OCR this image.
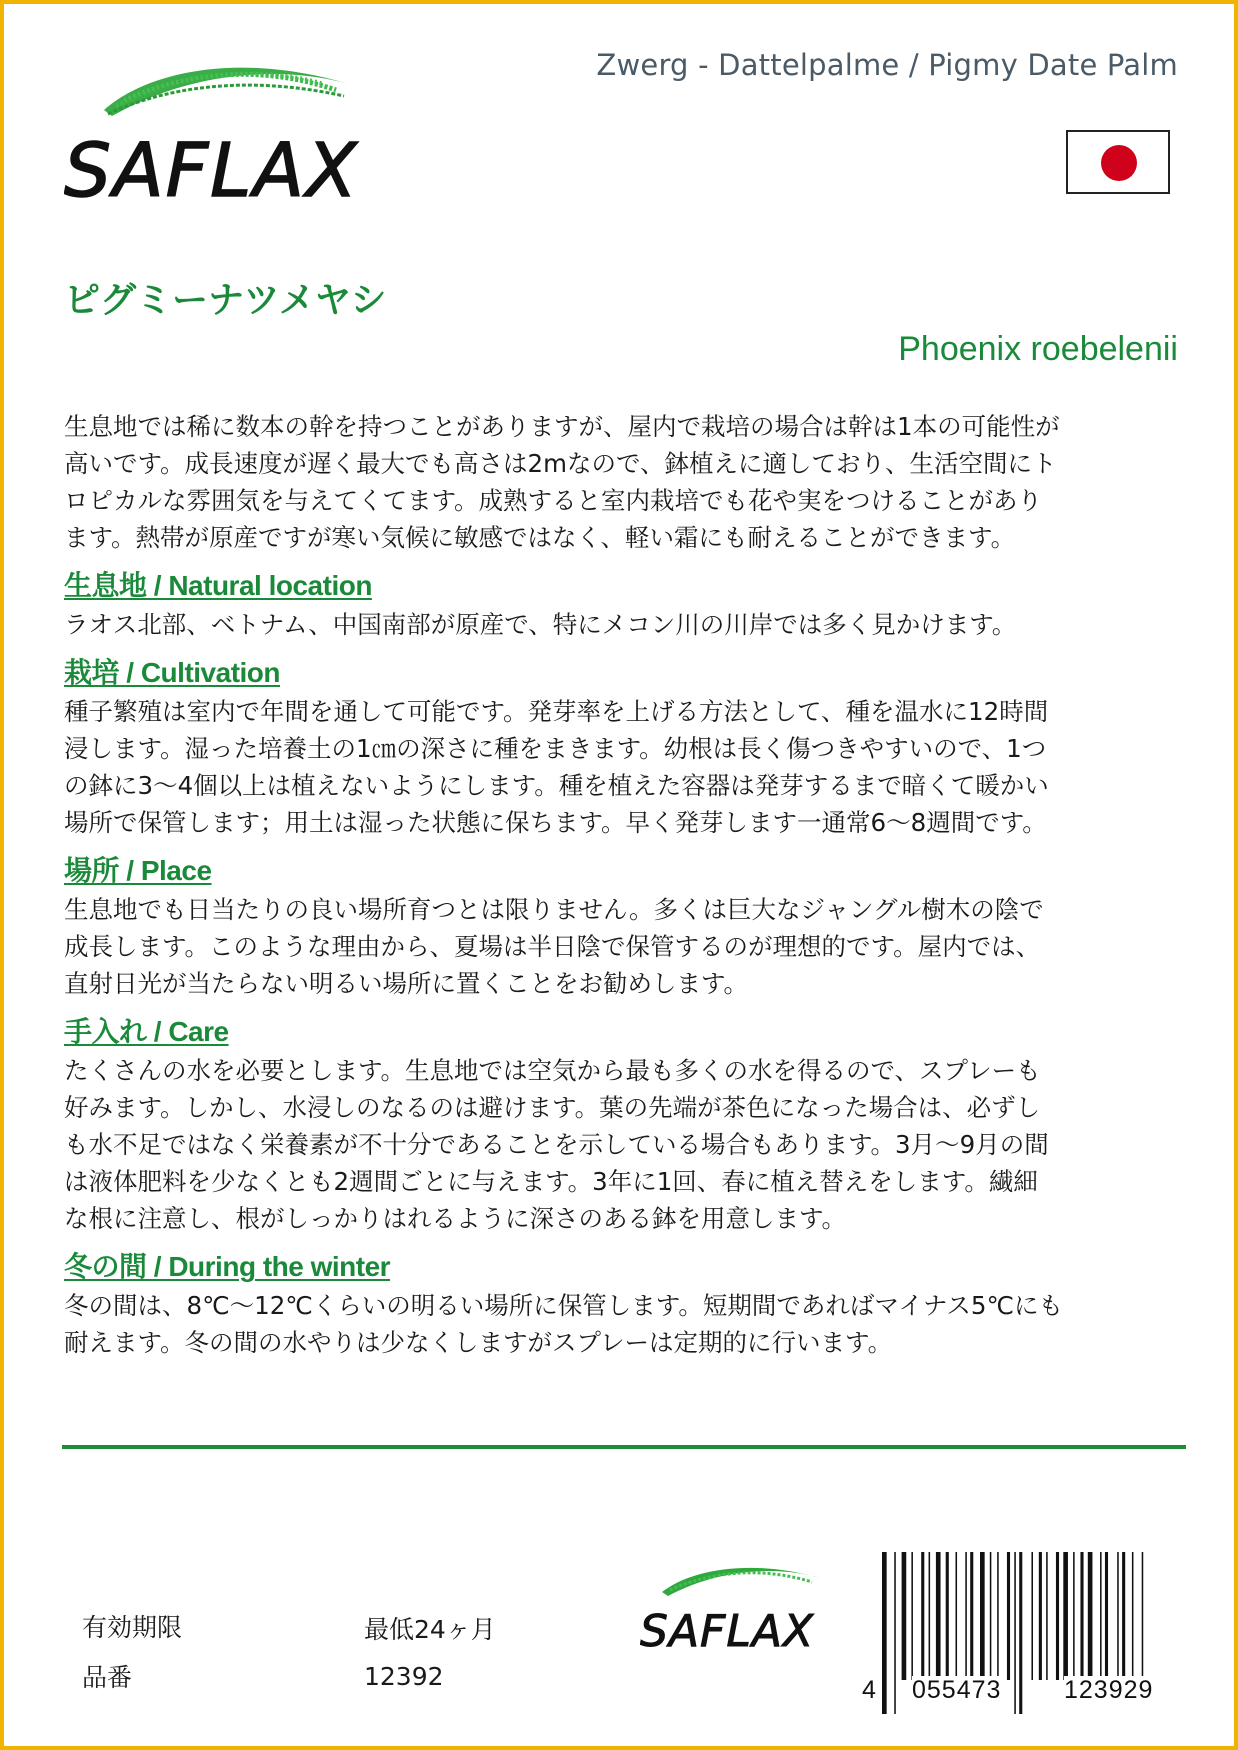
SAFLAX
Zwerg - Dattelpalme / Pigmy Date Palm
ピグミーナツメヤシ
Phoenix roebelenii

生息地では稀に数本の幹を持つことがありますが、屋内で栽培の場合は幹は1本の可能性が

高いです。成長速度が遅く最大でも高さは2mなので、鉢植えに適しており、生活空間にト

ロピカルな雰囲気を与えてくてます。成熟すると室内栽培でも花や実をつけることがあり

ます。熱帯が原産ですが寒い気候に敏感ではなく、軽い霜にも耐えることができます。

生息地 / Natural location

ラオス北部、ベトナム、中国南部が原産で、特にメコン川の川岸では多く見かけます。

栽培 / Cultivation

種子繁殖は室内で年間を通して可能です。発芽率を上げる方法として、種を温水に12時間

浸します。湿った培養土の1㎝の深さに種をまきます。幼根は長く傷つきやすいので、1つ

の鉢に3～4個以上は植えないようにします。種を植えた容器は発芽するまで暗くて暖かい

場所で保管します；用土は湿った状態に保ちます。早く発芽します一通常6～8週間です。

場所 / Place

生息地でも日当たりの良い場所育つとは限りません。多くは巨大なジャングル樹木の陰で

成長します。このような理由から、夏場は半日陰で保管するのが理想的です。屋内では、

直射日光が当たらない明るい場所に置くことをお勧めします。

手入れ / Care

たくさんの水を必要とします。生息地では空気から最も多くの水を得るので、スプレーも

好みます。しかし、水浸しのなるのは避けます。葉の先端が茶色になった場合は、必ずし

も水不足ではなく栄養素が不十分であることを示している場合もあります。3月～9月の間

は液体肥料を少なくとも2週間ごとに与えます。3年に1回、春に植え替えをします。繊細

な根に注意し、根がしっかりはれるように深さのある鉢を用意します。

冬の間 / During the winter

冬の間は、8℃～12℃くらいの明るい場所に保管します。短期間であればマイナス5℃にも

耐えます。冬の間の水やりは少なくしますがスプレーは定期的に行います。

有効期限	最低24ヶ月
品番	12392
SAFLAX
4 055473	123929
